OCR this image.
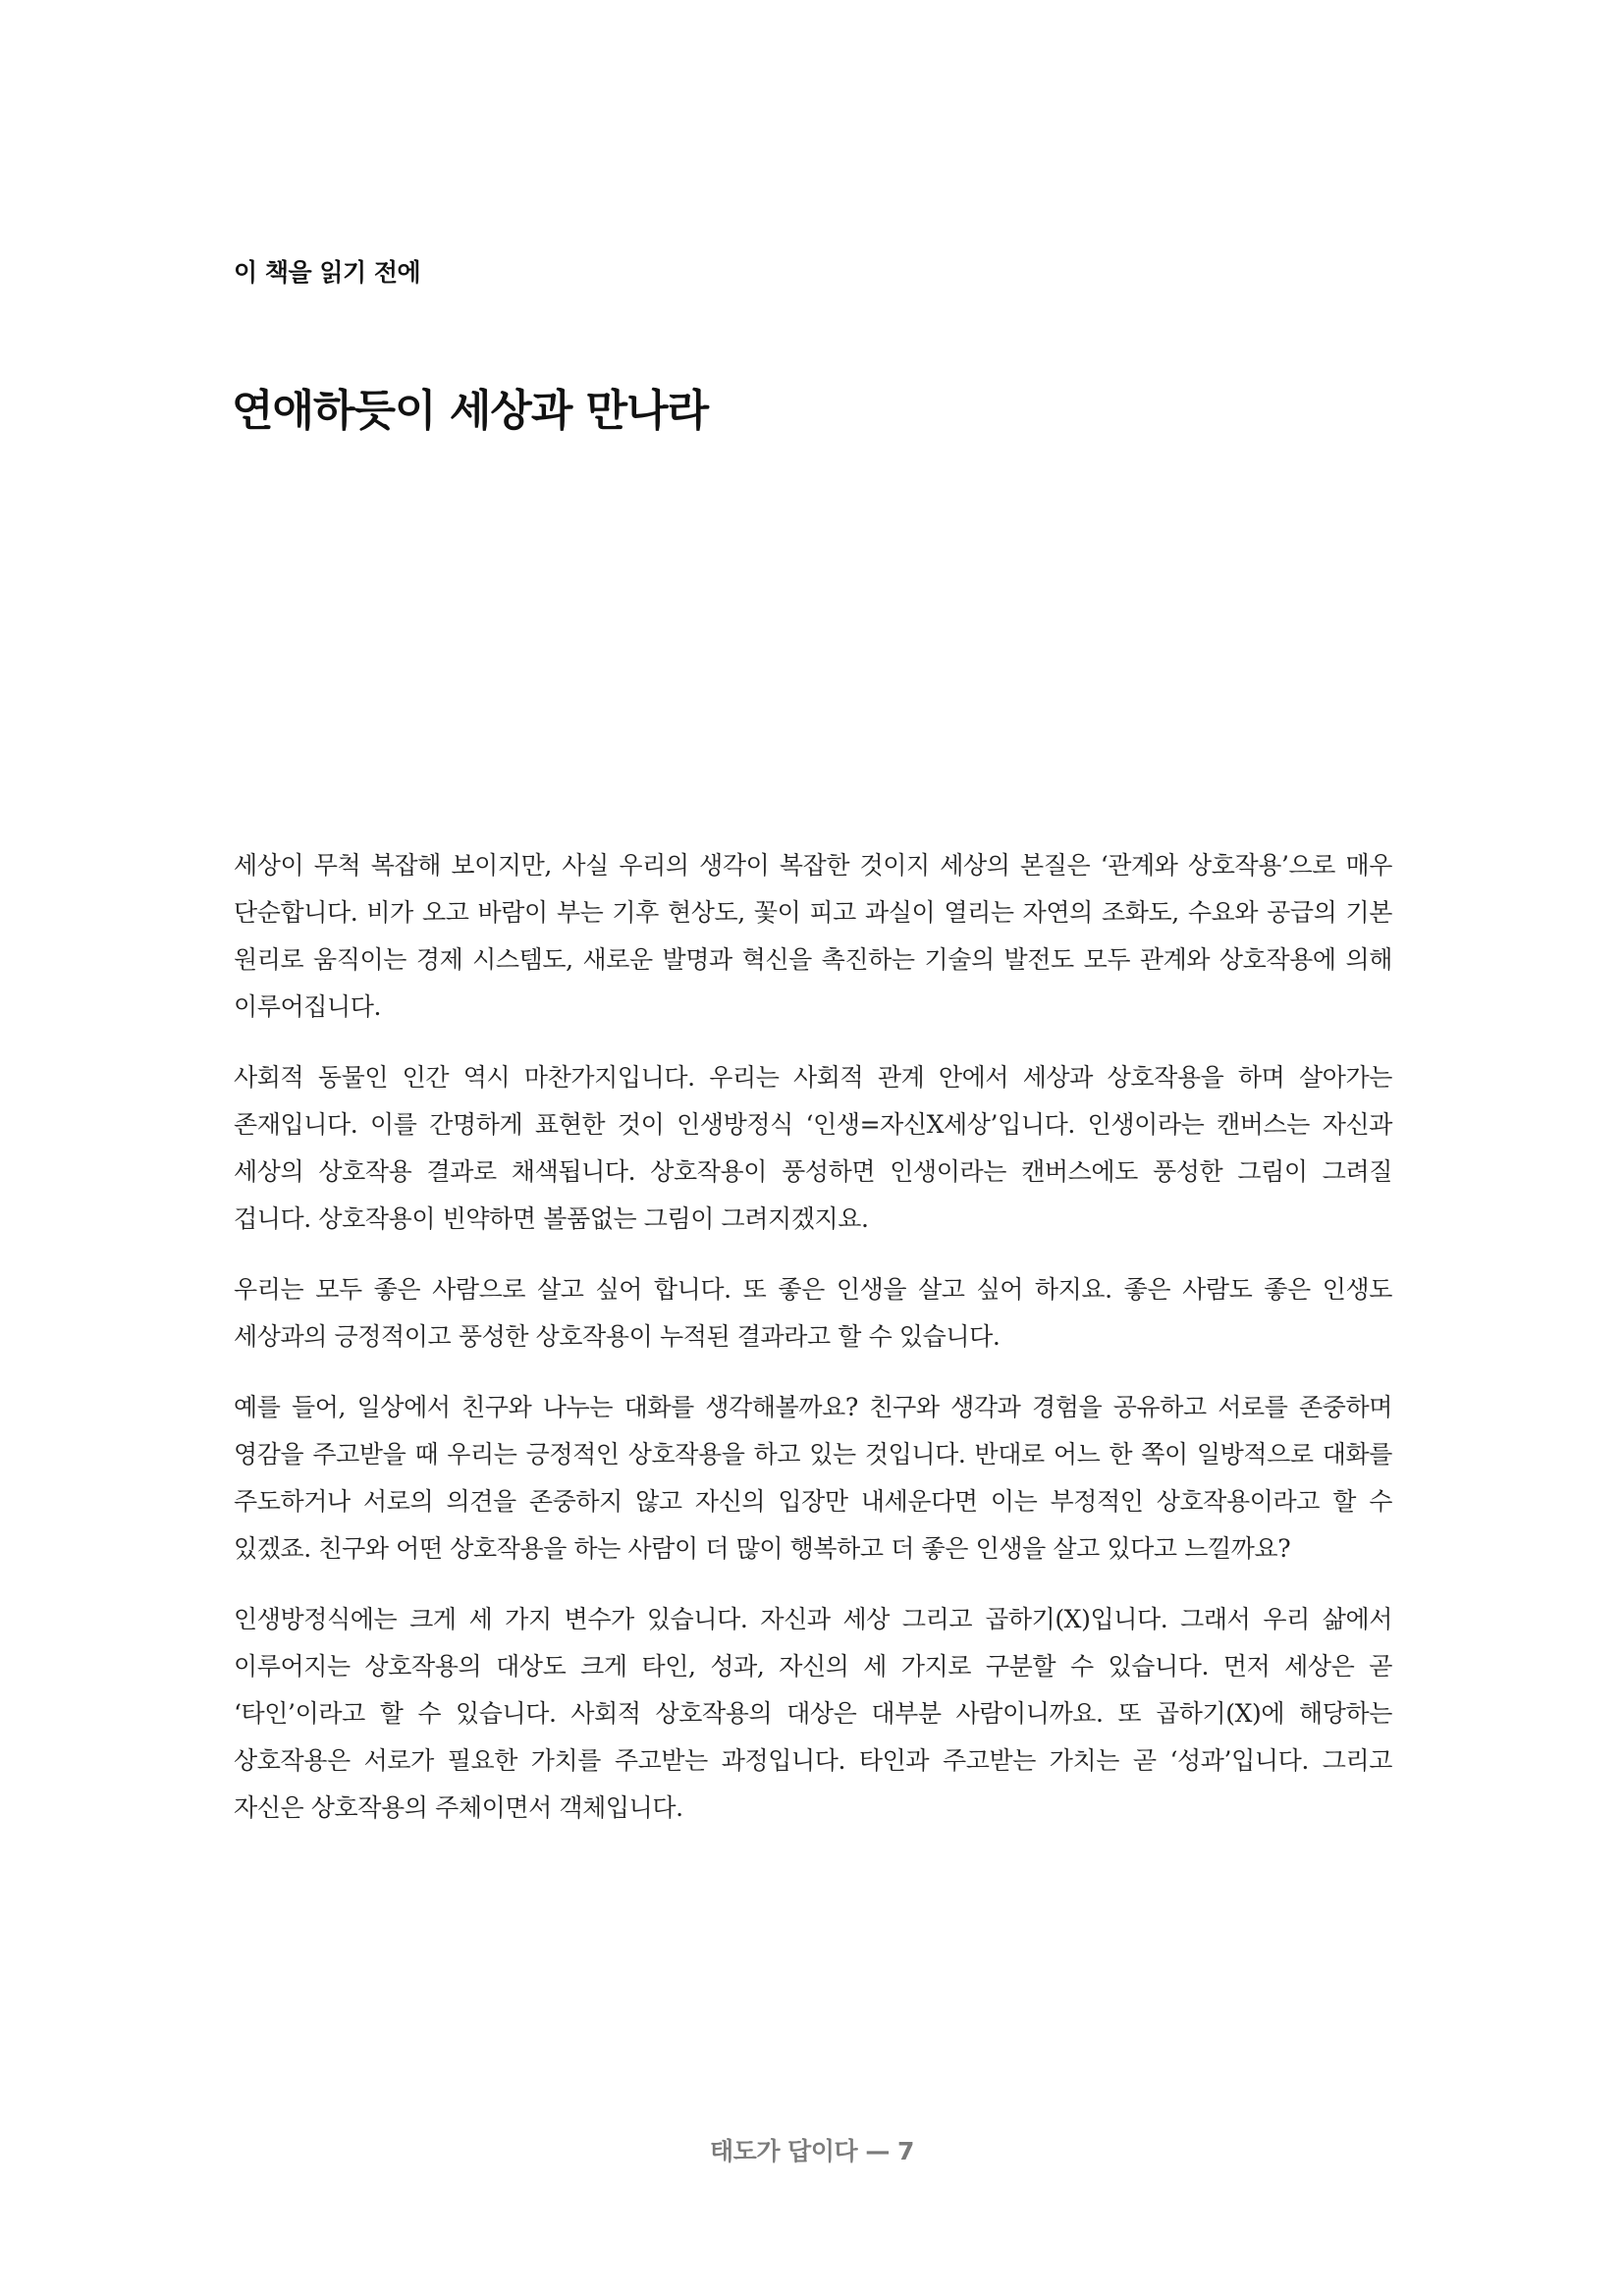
이 책을 읽기 전에
연애하듯이 세상과 만나라

세상이 무척 복잡해 보이지만, 사실 우리의 생각이 복잡한 것이지 세상의 본질은 ‘관계와 상호작용’으로 매우 단순합니다. 비가 오고 바람이 부는 기후 현상도, 꽃이 피고 과실이 열리는 자연의 조화도, 수요와 공급의 기본 원리로 움직이는 경제 시스템도, 새로운 발명과 혁신을 촉진하는 기술의 발전도 모두 관계와 상호작용에 의해 이루어집니다.

사회적 동물인 인간 역시 마찬가지입니다. 우리는 사회적 관계 안에서 세상과 상호작용을 하며 살아가는 존재입니다. 이를 간명하게 표현한 것이 인생방정식 ‘인생=자신X세상’입니다. 인생이라는 캔버스는 자신과 세상의 상호작용 결과로 채색됩니다. 상호작용이 풍성하면 인생이라는 캔버스에도 풍성한 그림이 그려질 겁니다. 상호작용이 빈약하면 볼품없는 그림이 그려지겠지요.

우리는 모두 좋은 사람으로 살고 싶어 합니다. 또 좋은 인생을 살고 싶어 하지요. 좋은 사람도 좋은 인생도 세상과의 긍정적이고 풍성한 상호작용이 누적된 결과라고 할 수 있습니다.

예를 들어, 일상에서 친구와 나누는 대화를 생각해볼까요? 친구와 생각과 경험을 공유하고 서로를 존중하며 영감을 주고받을 때 우리는 긍정적인 상호작용을 하고 있는 것입니다. 반대로 어느 한 쪽이 일방적으로 대화를 주도하거나 서로의 의견을 존중하지 않고 자신의 입장만 내세운다면 이는 부정적인 상호작용이라고 할 수 있겠죠. 친구와 어떤 상호작용을 하는 사람이 더 많이 행복하고 더 좋은 인생을 살고 있다고 느낄까요?

인생방정식에는 크게 세 가지 변수가 있습니다. 자신과 세상 그리고 곱하기(X)입니다. 그래서 우리 삶에서 이루어지는 상호작용의 대상도 크게 타인, 성과, 자신의 세 가지로 구분할 수 있습니다. 먼저 세상은 곧 ‘타인’이라고 할 수 있습니다. 사회적 상호작용의 대상은 대부분 사람이니까요. 또 곱하기(X)에 해당하는 상호작용은 서로가 필요한 가치를 주고받는 과정입니다. 타인과 주고받는 가치는 곧 ‘성과’입니다. 그리고 자신은 상호작용의 주체이면서 객체입니다.

태도가 답이다 — 7
